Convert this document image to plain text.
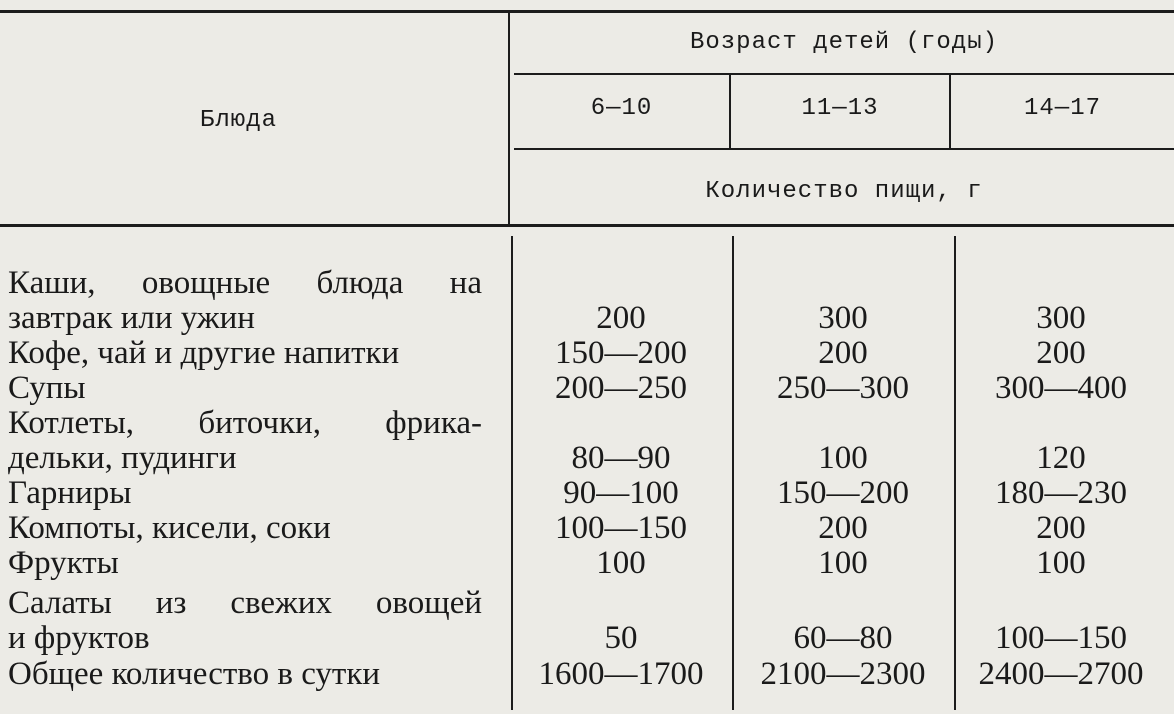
Блюда
Возраст детей (годы)
6—10	11—13	14—17
Количество пищи, г
Каши, овощные блюда на
завтрак или ужин	200	300	300
Кофе, чай и другие напитки	150—200	200	200
Супы	200—250	250—300	300—400
Котлеты, биточки, фрика-
дельки, пудинги	80—90	100	120
Гарниры	90—100	150—200	180—230
Компоты, кисели, соки	100—150	200	200
Фрукты	100	100	100
Салаты из свежих овощей
и фруктов	50	60—80	100—150
Общее количество в сутки	1600—1700	2100—2300	2400—2700
